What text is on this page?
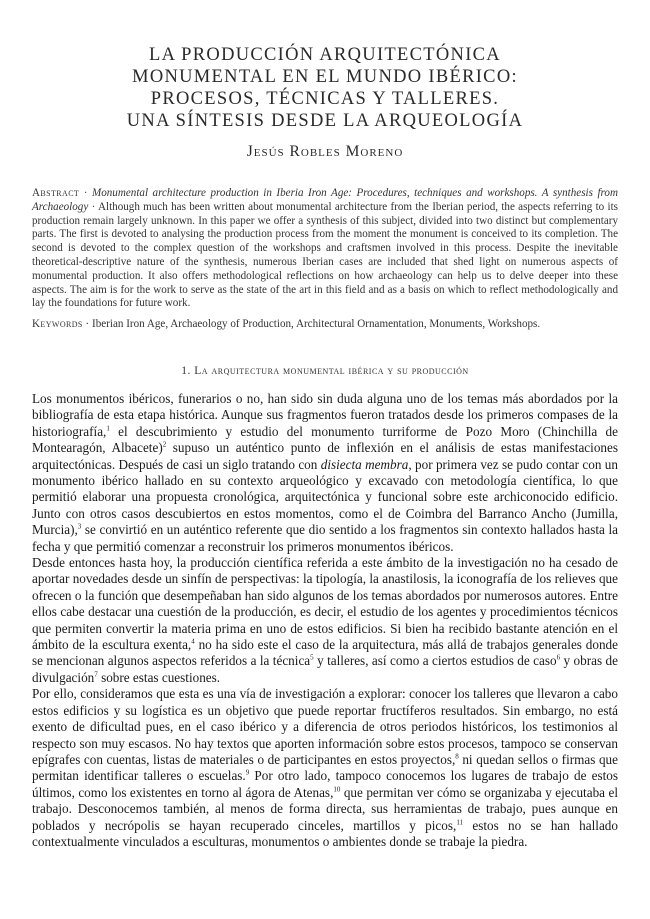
LA PRODUCCIÓN ARQUITECTÓNICA
MONUMENTAL EN EL MUNDO IBÉRICO:
PROCESOS, TÉCNICAS Y TALLERES.
UNA SÍNTESIS DESDE LA ARQUEOLOGÍA
Jesús Robles Moreno

Abstract · Monumental architecture production in Iberia Iron Age: Procedures, techniques and workshops. A synthesis from Archaeology · Although much has been written about monumental architecture from the Iberian period, the aspects referring to its production remain largely unknown. In this paper we offer a synthesis of this subject, divided into two distinct but complementary parts. The first is devoted to analysing the production process from the moment the monument is conceived to its completion. The second is devoted to the complex question of the workshops and craftsmen involved in this process. Despite the inevitable theoretical-descriptive nature of the synthesis, numerous Iberian cases are included that shed light on numerous aspects of monumental production. It also offers methodological reflections on how archaeology can help us to delve deeper into these aspects. The aim is for the work to serve as the state of the art in this field and as a basis on which to reflect methodologically and lay the foundations for future work.

Keywords · Iberian Iron Age, Archaeology of Production, Architectural Ornamentation, Monuments, Workshops.

1. La arquitectura monumental ibérica y su producción

Los monumentos ibéricos, funerarios o no, han sido sin duda alguna uno de los temas más abordados por la bibliografía de esta etapa histórica. Aunque sus fragmentos fueron tratados desde los primeros compases de la historiografía,$^1$ el descubrimiento y estudio del monumento turriforme de Pozo Moro (Chinchilla de Montearagón, Albacete)$^2$ supuso un auténtico punto de inflexión en el análisis de estas manifestaciones arquitectónicas. Después de casi un siglo tratando con disiecta membra, por primera vez se pudo contar con un monumento ibérico hallado en su contexto arqueológico y excavado con metodología científica, lo que permitió elaborar una propuesta cronológica, arquitectónica y funcional sobre este archiconocido edificio. Junto con otros casos descubiertos en estos momentos, como el de Coimbra del Barranco Ancho (Jumilla, Murcia),$^3$ se convirtió en un auténtico referente que dio sentido a los fragmentos sin contexto hallados hasta la fecha y que permitió comenzar a reconstruir los primeros monumentos ibéricos.

Desde entonces hasta hoy, la producción científica referida a este ámbito de la investigación no ha cesado de aportar novedades desde un sinfín de perspectivas: la tipología, la anastilosis, la iconografía de los relieves que ofrecen o la función que desempeñaban han sido algunos de los temas abordados por numerosos autores. Entre ellos cabe destacar una cuestión de la producción, es decir, el estudio de los agentes y procedimientos técnicos que permiten convertir la materia prima en uno de estos edificios. Si bien ha recibido bastante atención en el ámbito de la escultura exenta,$^4$ no ha sido este el caso de la arquitectura, más allá de trabajos generales donde se mencionan algunos aspectos referidos a la técnica$^5$ y talleres, así como a ciertos estudios de caso$^6$ y obras de divulgación$^7$ sobre estas cuestiones.

Por ello, consideramos que esta es una vía de investigación a explorar: conocer los talleres que llevaron a cabo estos edificios y su logística es un objetivo que puede reportar fructíferos resultados. Sin embargo, no está exento de dificultad pues, en el caso ibérico y a diferencia de otros periodos históricos, los testimonios al respecto son muy escasos. No hay textos que aporten información sobre estos procesos, tampoco se conservan epígrafes con cuentas, listas de materiales o de participantes en estos proyectos,$^8$ ni quedan sellos o firmas que permitan identificar talleres o escuelas.$^9$ Por otro lado, tampoco conocemos los lugares de trabajo de estos últimos, como los existentes en torno al ágora de Atenas,$^{10}$ que permitan ver cómo se organizaba y ejecutaba el trabajo. Desconocemos también, al menos de forma directa, sus herramientas de trabajo, pues aunque en poblados y necrópolis se hayan recuperado cinceles, martillos y picos,$^{11}$ estos no se han hallado contextualmente vinculados a esculturas, monumentos o ambientes donde se trabaje la piedra.
